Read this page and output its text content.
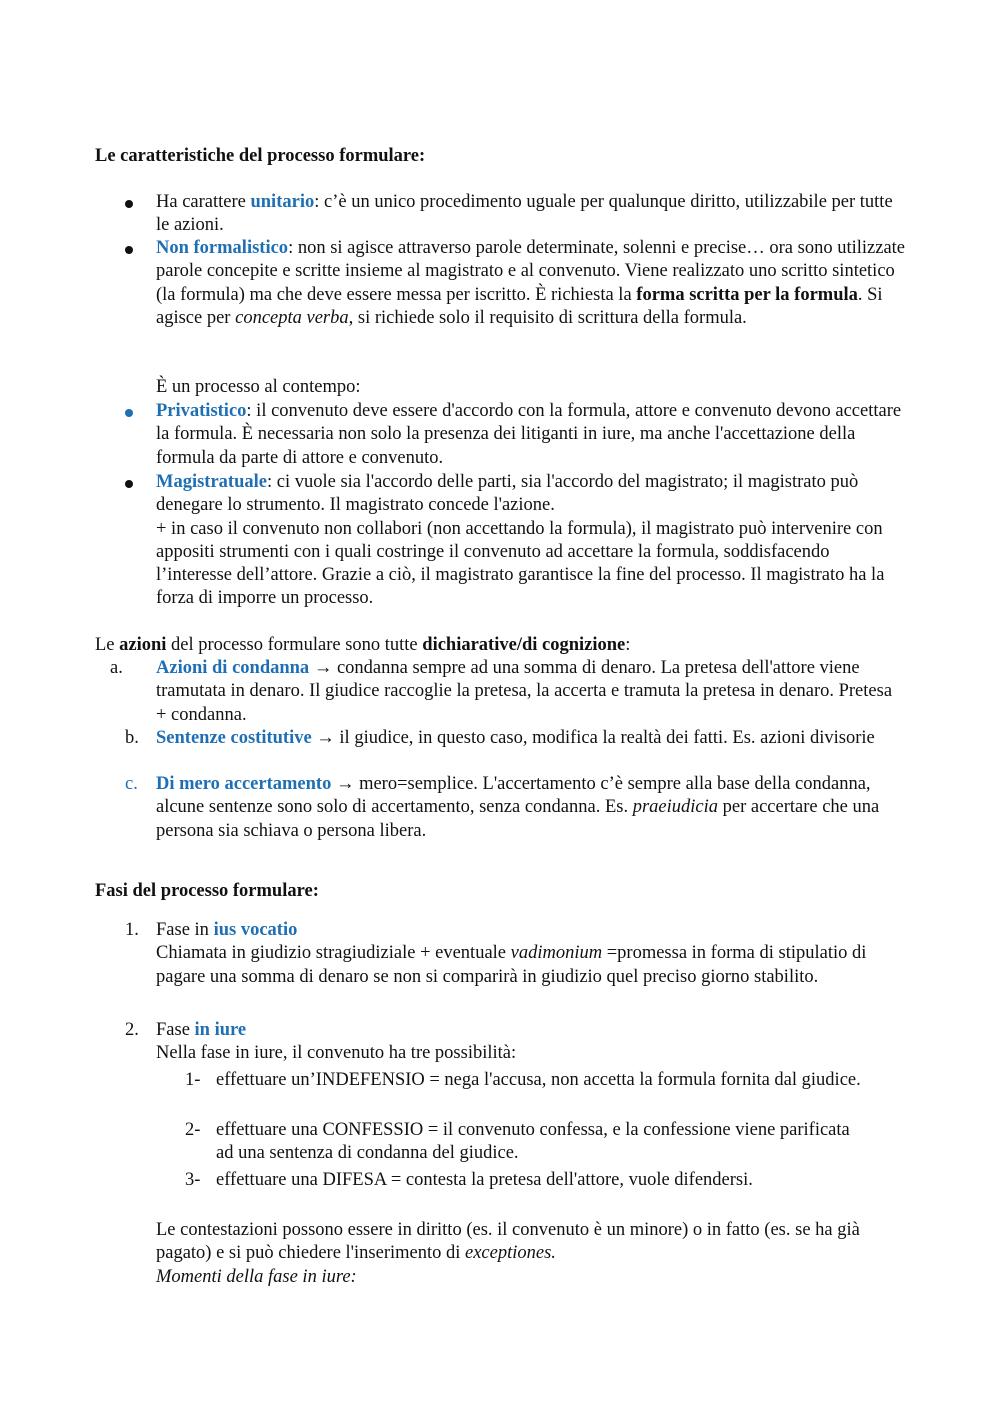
Le caratteristiche del processo formulare:
Ha carattere unitario: c’è un unico procedimento uguale per qualunque diritto, utilizzabile per tutte le azioni.
Non formalistico: non si agisce attraverso parole determinate, solenni e precise… ora sono utilizzate parole concepite e scritte insieme al magistrato e al convenuto. Viene realizzato uno scritto sintetico (la formula) ma che deve essere messa per iscritto. È richiesta la forma scritta per la formula. Si agisce per concepta verba, si richiede solo il requisito di scrittura della formula.
È un processo al contempo:
Privatistico: il convenuto deve essere d'accordo con la formula, attore e convenuto devono accettare la formula. È necessaria non solo la presenza dei litiganti in iure, ma anche l'accettazione della formula da parte di attore e convenuto.
Magistratuale: ci vuole sia l'accordo delle parti, sia l'accordo del magistrato; il magistrato può denegare lo strumento. Il magistrato concede l'azione.
+ in caso il convenuto non collabori (non accettando la formula), il magistrato può intervenire con appositi strumenti con i quali costringe il convenuto ad accettare la formula, soddisfacendo l’interesse dell’attore. Grazie a ciò, il magistrato garantisce la fine del processo. Il magistrato ha la forza di imporre un processo.
Le azioni del processo formulare sono tutte dichiarative/di cognizione:
a.	Azioni di condanna → condanna sempre ad una somma di denaro. La pretesa dell'attore viene tramutata in denaro. Il giudice raccoglie la pretesa, la accerta e tramuta la pretesa in denaro. Pretesa + condanna.
b. Sentenze costitutive → il giudice, in questo caso, modifica la realtà dei fatti. Es. azioni divisorie
c. Di mero accertamento → mero=semplice. L'accertamento c’è sempre alla base della condanna, alcune sentenze sono solo di accertamento, senza condanna. Es. praeiudicia per accertare che una persona sia schiava o persona libera.
Fasi del processo formulare:
1. Fase in ius vocatio
Chiamata in giudizio stragiudiziale + eventuale vadimonium =promessa in forma di stipulatio di pagare una somma di denaro se non si comparirà in giudizio quel preciso giorno stabilito.
2. Fase in iure
Nella fase in iure, il convenuto ha tre possibilità:
1- effettuare un’INDEFENSIO = nega l'accusa, non accetta la formula fornita dal giudice.
2- effettuare una CONFESSIO = il convenuto confessa, e la confessione viene parificata ad una sentenza di condanna del giudice.
3- effettuare una DIFESA = contesta la pretesa dell'attore, vuole difendersi.
Le contestazioni possono essere in diritto (es. il convenuto è un minore) o in fatto (es. se ha già pagato) e si può chiedere l'inserimento di exceptiones.
Momenti della fase in iure:
